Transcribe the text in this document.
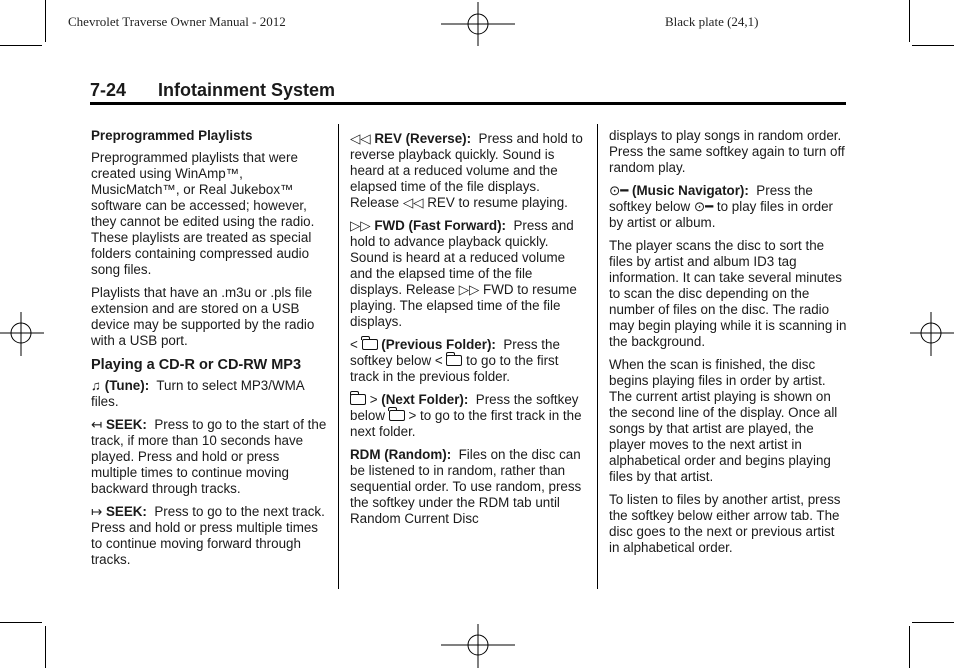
Chevrolet Traverse Owner Manual - 2012	Black plate (24,1)
7-24 Infotainment System
Preprogrammed Playlists

Preprogrammed playlists that were created using WinAmp™, MusicMatch™, or Real Jukebox™ software can be accessed; however, they cannot be edited using the radio. These playlists are treated as special folders containing compressed audio song files.

Playlists that have an .m3u or .pls file extension and are stored on a USB device may be supported by the radio with a USB port.

Playing a CD-R or CD-RW MP3

♫ (Tune): Turn to select MP3/WMA files.

↤ SEEK: Press to go to the start of the track, if more than 10 seconds have played. Press and hold or press multiple times to continue moving backward through tracks.

↦ SEEK: Press to go to the next track. Press and hold or press multiple times to continue moving forward through tracks.

◁◁ REV (Reverse): Press and hold to reverse playback quickly. Sound is heard at a reduced volume and the elapsed time of the file displays. Release ◁◁ REV to resume playing.

▷▷ FWD (Fast Forward): Press and hold to advance playback quickly. Sound is heard at a reduced volume and the elapsed time of the file displays. Release ▷▷ FWD to resume playing. The elapsed time of the file displays.

<  (Previous Folder): Press the softkey below <  to go to the first track in the previous folder.

> (Next Folder): Press the softkey below  > to go to the first track in the next folder.

RDM (Random): Files on the disc can be listened to in random, rather than sequential order. To use random, press the softkey under the RDM tab until Random Current Disc

displays to play songs in random order. Press the same softkey again to turn off random play.

⊙━ (Music Navigator): Press the softkey below ⊙━ to play files in order by artist or album.

The player scans the disc to sort the files by artist and album ID3 tag information. It can take several minutes to scan the disc depending on the number of files on the disc. The radio may begin playing while it is scanning in the background.

When the scan is finished, the disc begins playing files in order by artist. The current artist playing is shown on the second line of the display. Once all songs by that artist are played, the player moves to the next artist in alphabetical order and begins playing files by that artist.

To listen to files by another artist, press the softkey below either arrow tab. The disc goes to the next or previous artist in alphabetical order.
